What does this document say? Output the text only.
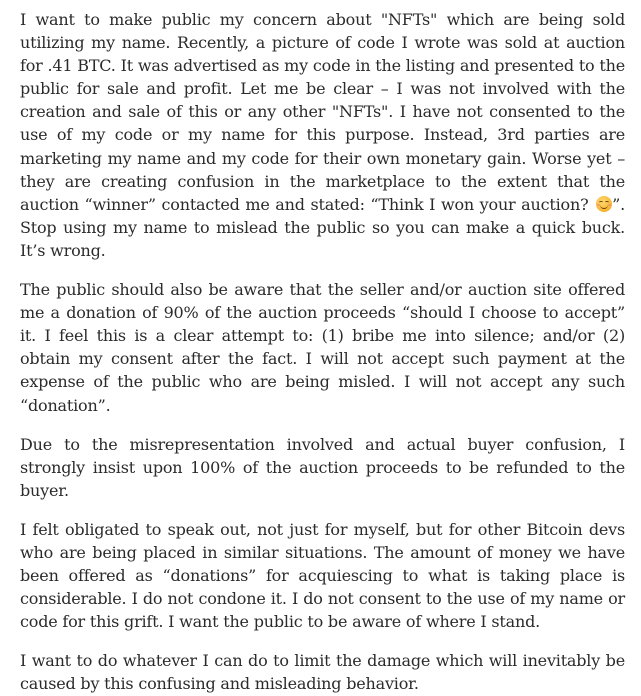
I want to make public my concern about "NFTs" which are being sold utilizing my name. Recently, a picture of code I wrote was sold at auction for .41 BTC. It was advertised as my code in the listing and presented to the public for sale and profit. Let me be clear – I was not involved with the creation and sale of this or any other "NFTs". I have not consented to the use of my code or my name for this purpose. Instead, 3rd parties are marketing my name and my code for their own monetary gain. Worse yet – they are creating confusion in the marketplace to the extent that the auction “winner” contacted me and stated: “Think I won your auction?
”. Stop using my name to mislead the public so you can make a quick buck. It’s wrong.

The public should also be aware that the seller and/or auction site offered me a donation of 90% of the auction proceeds “should I choose to accept” it. I feel this is a clear attempt to: (1) bribe me into silence; and/or (2) obtain my consent after the fact. I will not accept such payment at the expense of the public who are being misled. I will not accept any such “donation”.

Due to the misrepresentation involved and actual buyer confusion, I strongly insist upon 100% of the auction proceeds to be refunded to the buyer.

I felt obligated to speak out, not just for myself, but for other Bitcoin devs who are being placed in similar situations. The amount of money we have been offered as “donations” for acquiescing to what is taking place is considerable. I do not condone it. I do not consent to the use of my name or code for this grift. I want the public to be aware of where I stand.

I want to do whatever I can do to limit the damage which will inevitably be caused by this confusing and misleading behavior.
